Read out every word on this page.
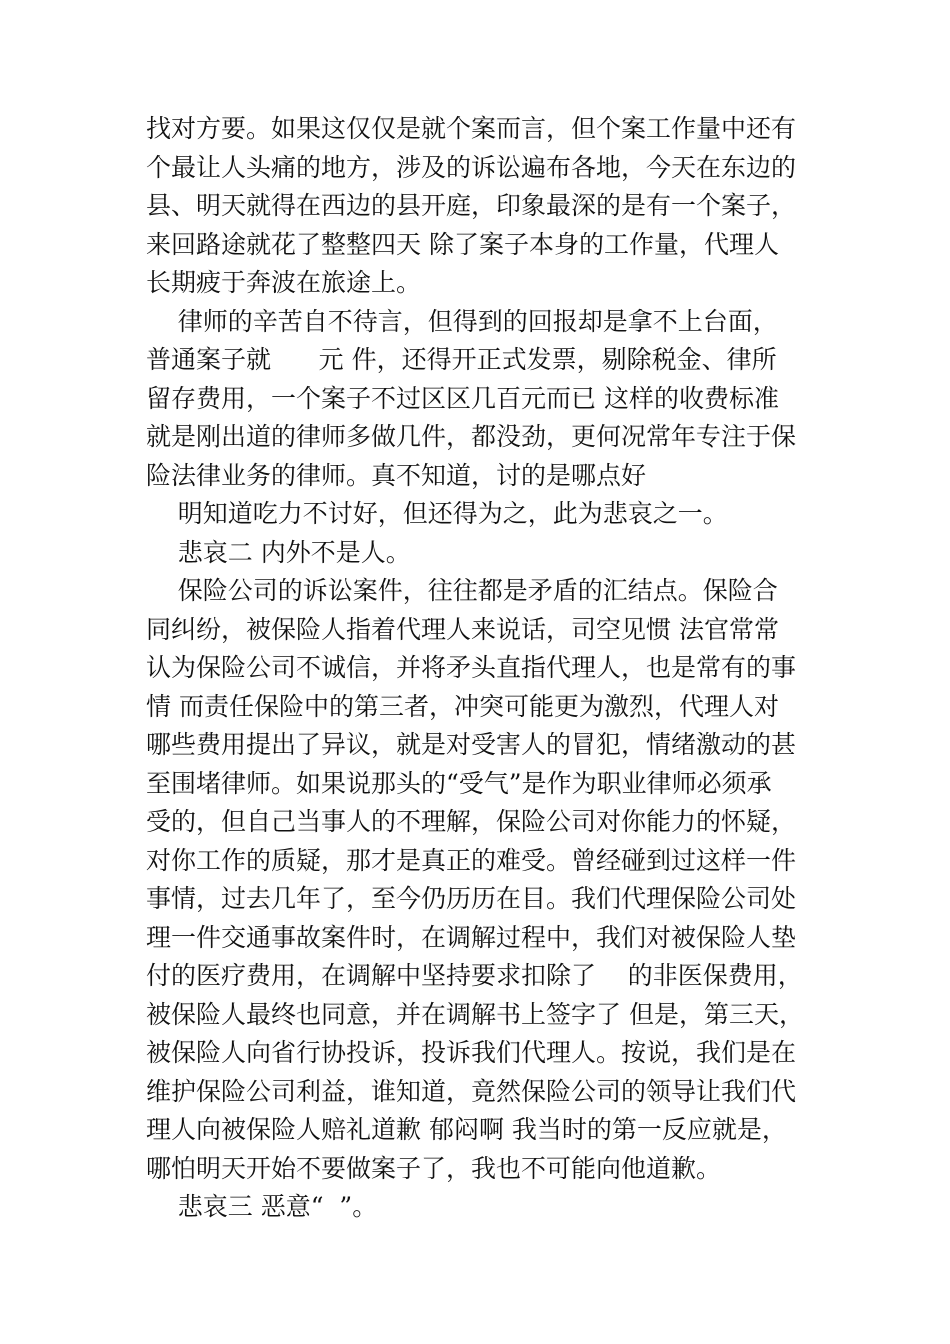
找对方要。如果这仅仅是就个案而言，但个案工作量中还有
个最让人头痛的地方，涉及的诉讼遍布各地，今天在东边的
县、明天就得在西边的县开庭，印象最深的是有一个案子，
来回路途就花了整整四天 除了案子本身的工作量，代理人
长期疲于奔波在旅途上。
律师的辛苦自不待言，但得到的回报却是拿不上台面，
普通案子就      元 件，还得开正式发票，剔除税金、律所
留存费用，一个案子不过区区几百元而已 这样的收费标准
就是刚出道的律师多做几件，都没劲，更何况常年专注于保
险法律业务的律师。真不知道，讨的是哪点好
明知道吃力不讨好，但还得为之，此为悲哀之一。
悲哀二 内外不是人。
保险公司的诉讼案件，往往都是矛盾的汇结点。保险合
同纠纷，被保险人指着代理人来说话，司空见惯 法官常常
认为保险公司不诚信，并将矛头直指代理人，也是常有的事
情 而责任保险中的第三者，冲突可能更为激烈，代理人对
哪些费用提出了异议，就是对受害人的冒犯，情绪激动的甚
至围堵律师。如果说那头的“受气”是作为职业律师必须承
受的，但自己当事人的不理解，保险公司对你能力的怀疑，
对你工作的质疑，那才是真正的难受。曾经碰到过这样一件
事情，过去几年了，至今仍历历在目。我们代理保险公司处
理一件交通事故案件时，在调解过程中，我们对被保险人垫
付的医疗费用，在调解中坚持要求扣除了    的非医保费用，
被保险人最终也同意，并在调解书上签字了 但是，第三天，
被保险人向省行协投诉，投诉我们代理人。按说，我们是在
维护保险公司利益，谁知道，竟然保险公司的领导让我们代
理人向被保险人赔礼道歉 郁闷啊 我当时的第一反应就是，
哪怕明天开始不要做案子了，我也不可能向他道歉。
悲哀三 恶意“  ”。
